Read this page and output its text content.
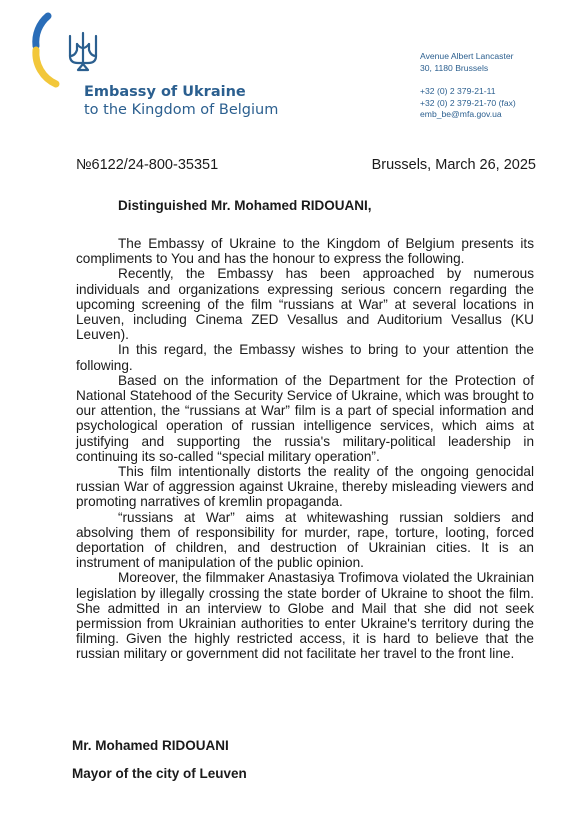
Embassy of Ukraine
to the Kingdom of Belgium
Avenue Albert Lancaster
30, 1180 Brussels
+32 (0) 2 379-21-11
+32 (0) 2 379-21-70 (fax)
emb_be@mfa.gov.ua
№6122/24-800-35351	Brussels, March 26, 2025
Distinguished Mr. Mohamed RIDOUANI,

The Embassy of Ukraine to the Kingdom of Belgium presents its compliments to You and has the honour to express the following.

Recently, the Embassy has been approached by numerous individuals and organizations expressing serious concern regarding the upcoming screening of the film “russians at War” at several locations in Leuven, including Cinema ZED Vesallus and Auditorium Vesallus (KU Leuven).

In this regard, the Embassy wishes to bring to your attention the following.

Based on the information of the Department for the Protection of National Statehood of the Security Service of Ukraine, which was brought to our attention, the “russians at War” film is a part of special information and psychological operation of russian intelligence services, which aims at justifying and supporting the russia's military-political leadership in continuing its so-called “special military operation”.

This film intentionally distorts the reality of the ongoing genocidal russian War of aggression against Ukraine, thereby misleading viewers and promoting narratives of kremlin propaganda.

“russians at War” aims at whitewashing russian soldiers and absolving them of responsibility for murder, rape, torture, looting, forced deportation of children, and destruction of Ukrainian cities. It is an instrument of manipulation of the public opinion.

Moreover, the filmmaker Anastasiya Trofimova violated the Ukrainian legislation by illegally crossing the state border of Ukraine to shoot the film. She admitted in an interview to Globe and Mail that she did not seek permission from Ukrainian authorities to enter Ukraine's territory during the filming. Given the highly restricted access, it is hard to believe that the russian military or government did not facilitate her travel to the front line.

Mr. Mohamed RIDOUANI
Mayor of the city of Leuven
